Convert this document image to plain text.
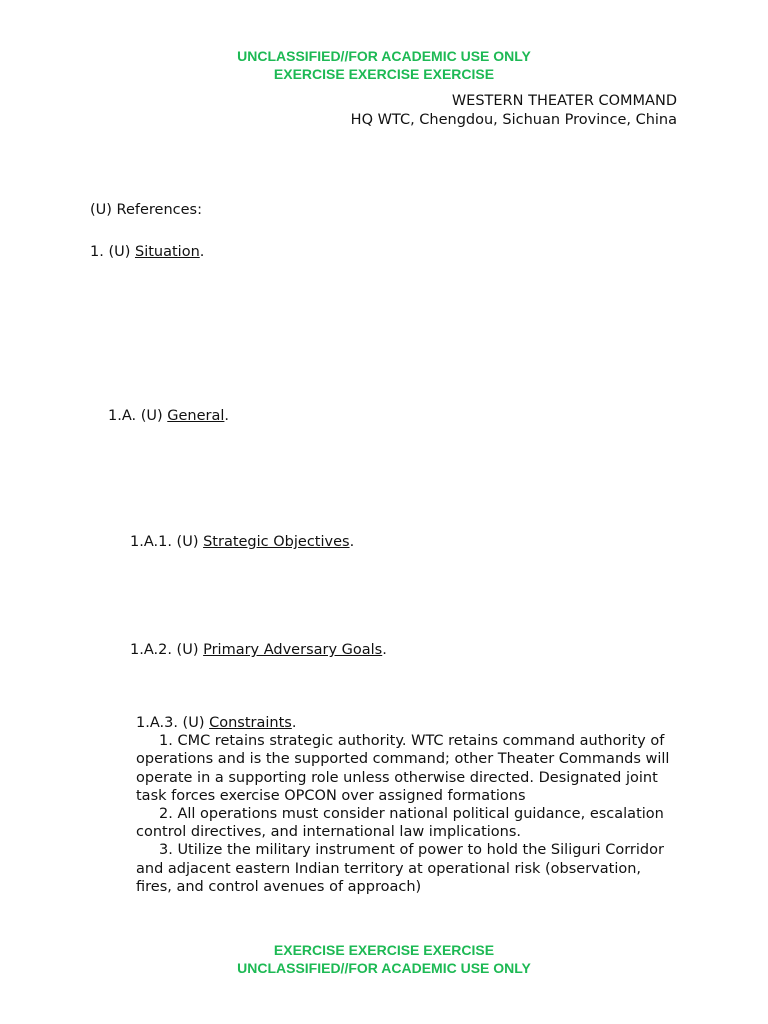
UNCLASSIFIED//FOR ACADEMIC USE ONLY
EXERCISE EXERCISE EXERCISE
WESTERN THEATER COMMAND
HQ WTC, Chengdou, Sichuan Province, China
(U) References:
1. (U) Situation.
1.A. (U) General.
1.A.1. (U) Strategic Objectives.
1.A.2. (U) Primary Adversary Goals.

1.A.3. (U) Constraints.

1. CMC retains strategic authority. WTC retains command authority of operations and is the supported command; other Theater Commands will operate in a supporting role unless otherwise directed. Designated joint task forces exercise OPCON over assigned formations

2. All operations must consider national political guidance, escalation control directives, and international law implications.

3. Utilize the military instrument of power to hold the Siliguri Corridor and adjacent eastern Indian territory at operational risk (observation, fires, and control avenues of approach)

EXERCISE EXERCISE EXERCISE
UNCLASSIFIED//FOR ACADEMIC USE ONLY
